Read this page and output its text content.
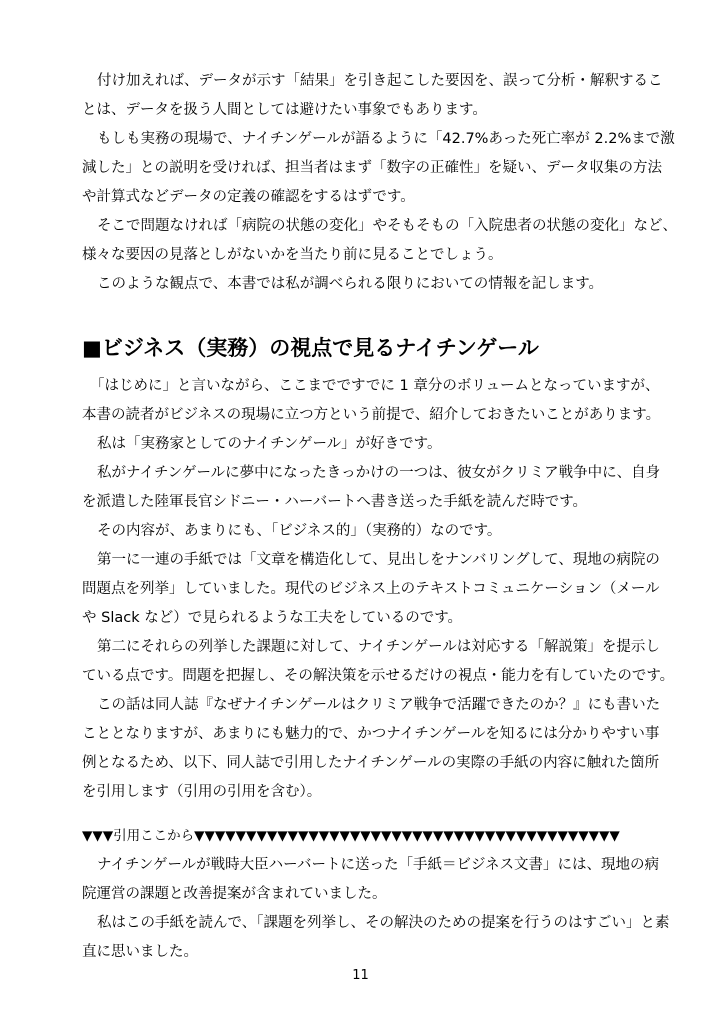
付け加えれば、データが示す「結果」を引き起こした要因を、誤って分析・解釈するこ
とは、データを扱う人間としては避けたい事象でもあります。
もしも実務の現場で、ナイチンゲールが語るように「42.7%あった死亡率が 2.2%まで激
減した」との説明を受ければ、担当者はまず「数字の正確性」を疑い、データ収集の方法
や計算式などデータの定義の確認をするはずです。
そこで問題なければ「病院の状態の変化」やそもそもの「入院患者の状態の変化」など、
様々な要因の見落としがないかを当たり前に見ることでしょう。
このような観点で、本書では私が調べられる限りにおいての情報を記します。
■ビジネス（実務）の視点で見るナイチンゲール
「はじめに」と言いながら、ここまでですでに 1 章分のボリュームとなっていますが、
本書の読者がビジネスの現場に立つ方という前提で、紹介しておきたいことがあります。
私は「実務家としてのナイチンゲール」が好きです。
私がナイチンゲールに夢中になったきっかけの一つは、彼女がクリミア戦争中に、自身
を派遣した陸軍長官シドニー・ハーバートへ書き送った手紙を読んだ時です。
その内容が、あまりにも、「ビジネス的」（実務的）なのです。
第一に一連の手紙では「文章を構造化して、見出しをナンバリングして、現地の病院の
問題点を列挙」していました。現代のビジネス上のテキストコミュニケーション（メール
や Slack など）で見られるような工夫をしているのです。
第二にそれらの列挙した課題に対して、ナイチンゲールは対応する「解説策」を提示し
ている点です。問題を把握し、その解決策を示せるだけの視点・能力を有していたのです。
この話は同人誌『なぜナイチンゲールはクリミア戦争で活躍できたのか？』にも書いた
こととなりますが、あまりにも魅力的で、かつナイチンゲールを知るには分かりやすい事
例となるため、以下、同人誌で引用したナイチンゲールの実際の手紙の内容に触れた箇所
を引用します（引用の引用を含む）。
▼▼▼引用ここから▼▼▼▼▼▼▼▼▼▼▼▼▼▼▼▼▼▼▼▼▼▼▼▼▼▼▼▼▼▼▼▼▼▼▼▼▼▼▼▼▼
ナイチンゲールが戦時大臣ハーバートに送った「手紙＝ビジネス文書」には、現地の病
院運営の課題と改善提案が含まれていました。
私はこの手紙を読んで、「課題を列挙し、その解決のための提案を行うのはすごい」と素
直に思いました。
11
